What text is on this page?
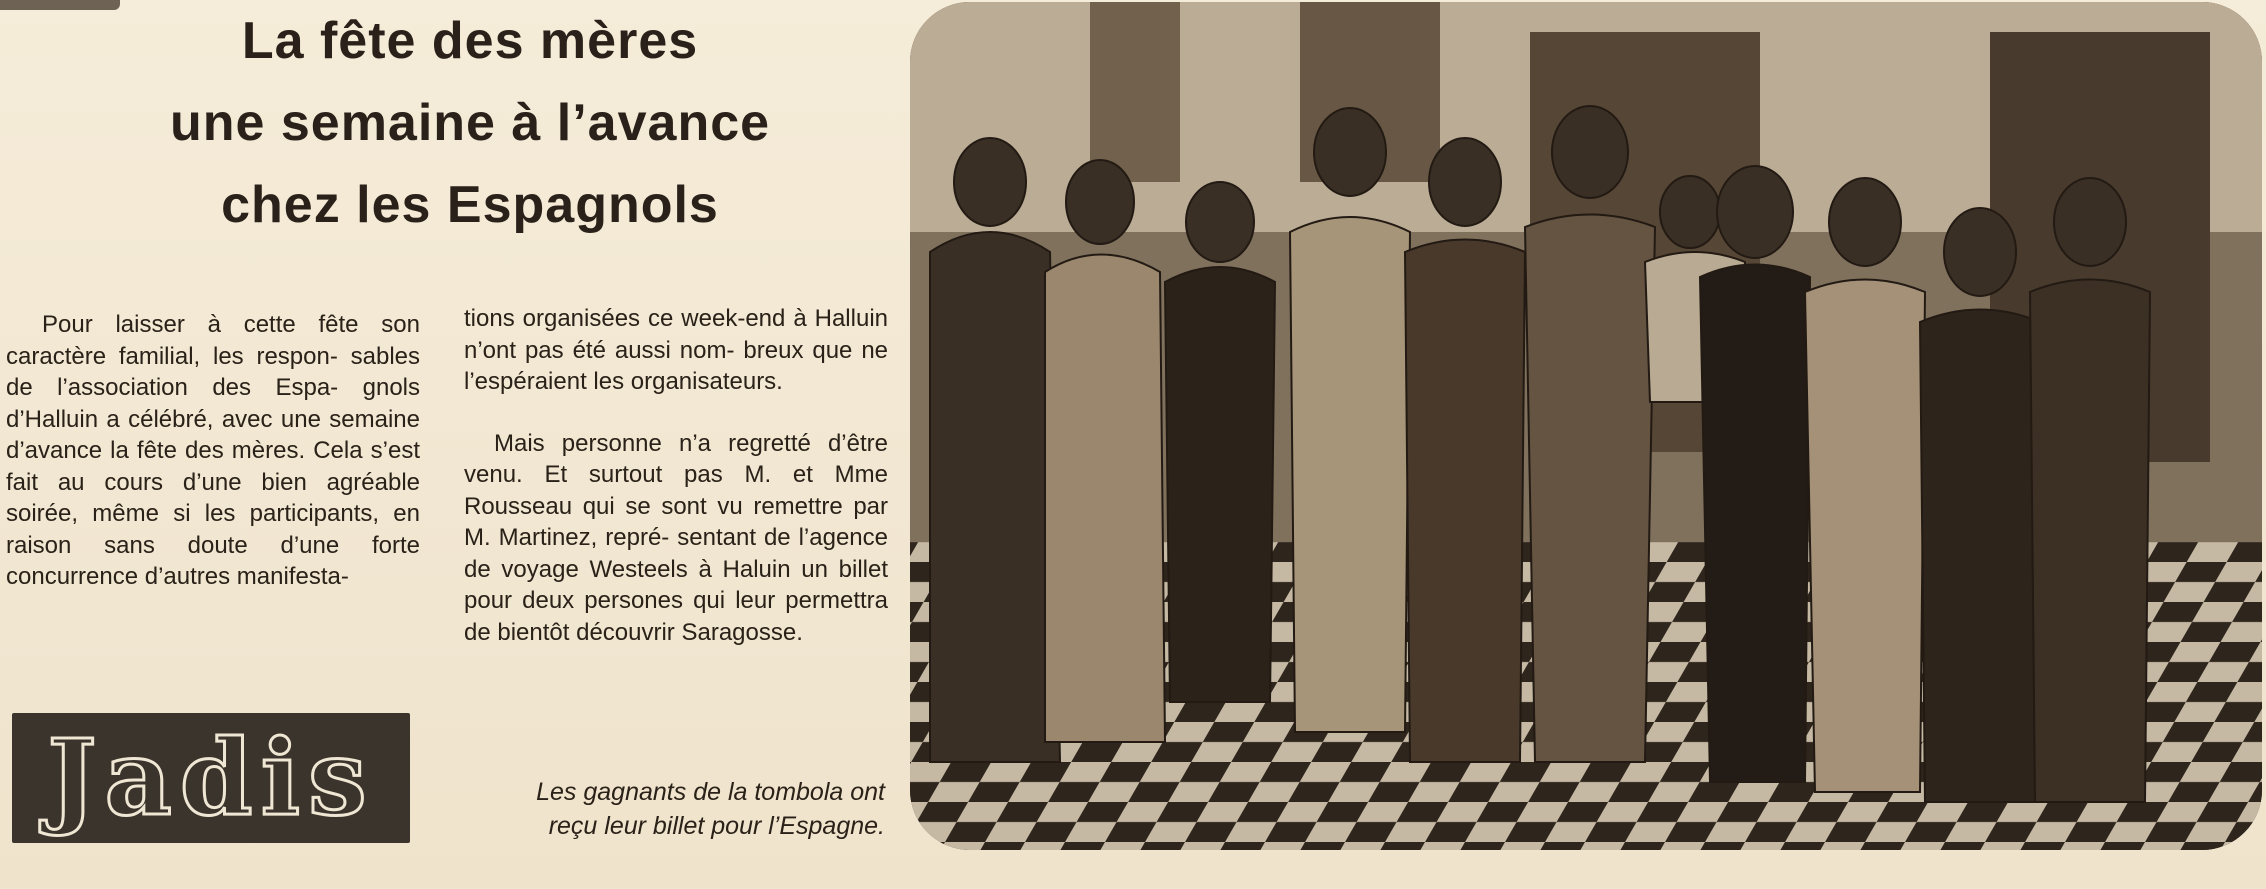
La fête des mères
une semaine à l’avance
chez les Espagnols

Pour laisser à cette fête son caractère familial, les respon- sables de l’association des Espa- gnols d’Halluin a célébré, avec une semaine d’avance la fête des mères. Cela s’est fait au cours d’une bien agréable soirée, même si les participants, en raison sans doute d’une forte concurrence d’autres manifesta-

tions organisées ce week-end à Halluin n’ont pas été aussi nom- breux que ne l’espéraient les organisateurs.

Mais personne n’a regretté d’être venu. Et surtout pas M. et Mme Rousseau qui se sont vu remettre par M. Martinez, repré- sentant de l’agence de voyage Westeels à Haluin un billet pour deux persones qui leur permettra de bientôt découvrir Saragosse.

Les gagnants de la tombola ont
reçu leur billet pour l’Espagne.
Jadis
